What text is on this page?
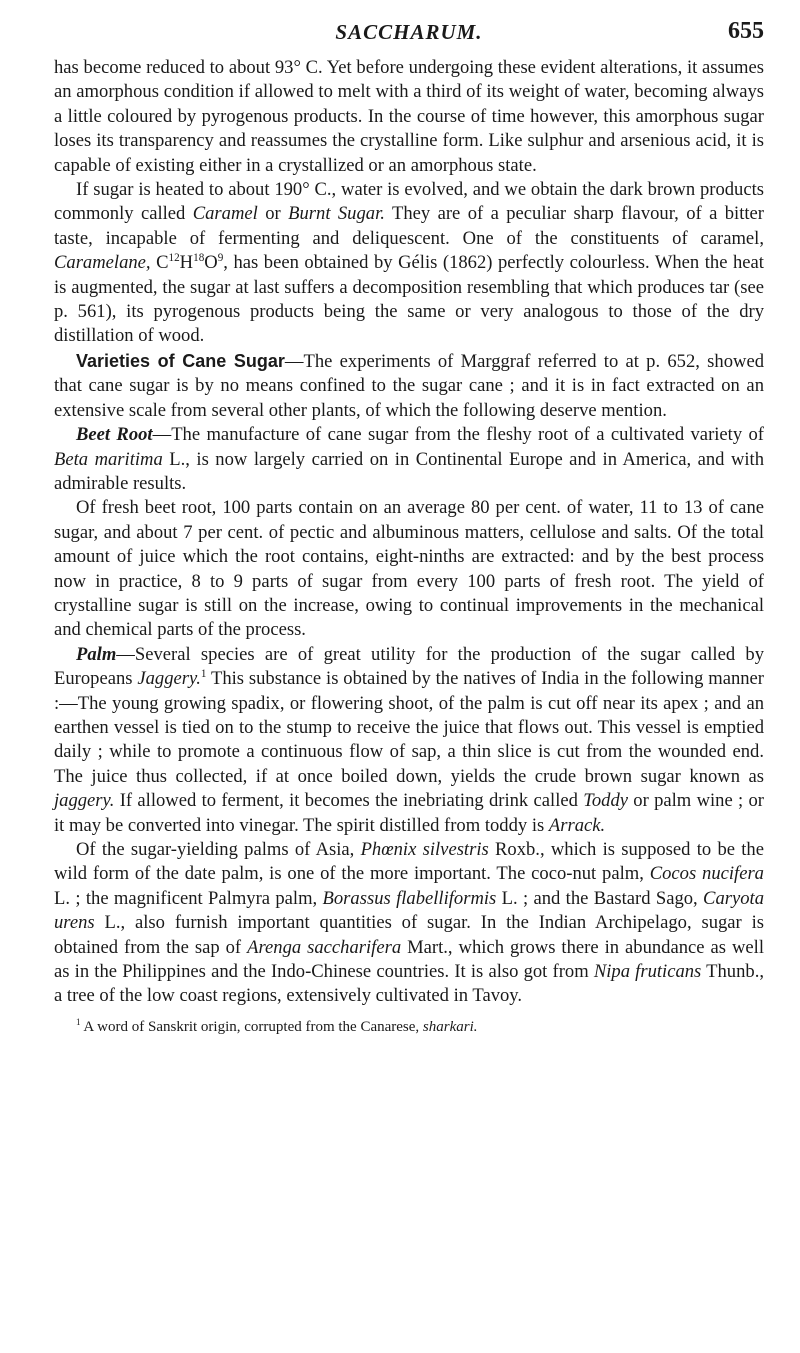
SACCHARUM.	655

has become reduced to about 93° C. Yet before undergoing these evident alterations, it assumes an amorphous condition if allowed to melt with a third of its weight of water, becoming always a little coloured by pyrogenous products. In the course of time however, this amorphous sugar loses its transparency and reassumes the crystalline form. Like sulphur and arsenious acid, it is capable of existing either in a crystallized or an amorphous state.

If sugar is heated to about 190° C., water is evolved, and we obtain the dark brown products commonly called Caramel or Burnt Sugar. They are of a peculiar sharp flavour, of a bitter taste, incapable of fermenting and deliquescent. One of the constituents of caramel, Caramelane, $C^{12}H^{18}O^9$, has been obtained by Gélis (1862) perfectly colourless. When the heat is augmented, the sugar at last suffers a decomposition resembling that which produces tar (see p. 561), its pyrogenous products being the same or very analogous to those of the dry distillation of wood.

Varieties of Cane Sugar—The experiments of Marggraf referred to at p. 652, showed that cane sugar is by no means confined to the sugar cane ; and it is in fact extracted on an extensive scale from several other plants, of which the following deserve mention.

Beet Root—The manufacture of cane sugar from the fleshy root of a cultivated variety of Beta maritima L., is now largely carried on in Continental Europe and in America, and with admirable results.

Of fresh beet root, 100 parts contain on an average 80 per cent. of water, 11 to 13 of cane sugar, and about 7 per cent. of pectic and albuminous matters, cellulose and salts. Of the total amount of juice which the root contains, eight-ninths are extracted: and by the best process now in practice, 8 to 9 parts of sugar from every 100 parts of fresh root. The yield of crystalline sugar is still on the increase, owing to continual improvements in the mechanical and chemical parts of the process.

Palm—Several species are of great utility for the production of the sugar called by Europeans Jaggery.$^1$ This substance is obtained by the natives of India in the following manner :—The young growing spadix, or flowering shoot, of the palm is cut off near its apex ; and an earthen vessel is tied on to the stump to receive the juice that flows out. This vessel is emptied daily ; while to promote a continuous flow of sap, a thin slice is cut from the wounded end. The juice thus collected, if at once boiled down, yields the crude brown sugar known as jaggery. If allowed to ferment, it becomes the inebriating drink called Toddy or palm wine ; or it may be converted into vinegar. The spirit distilled from toddy is Arrack.

Of the sugar-yielding palms of Asia, Phœnix silvestris Roxb., which is supposed to be the wild form of the date palm, is one of the more important. The coco-nut palm, Cocos nucifera L. ; the magnificent Palmyra palm, Borassus flabelliformis L. ; and the Bastard Sago, Caryota urens L., also furnish important quantities of sugar. In the Indian Archipelago, sugar is obtained from the sap of Arenga saccharifera Mart., which grows there in abundance as well as in the Philippines and the Indo-Chinese countries. It is also got from Nipa fruticans Thunb., a tree of the low coast regions, extensively cultivated in Tavoy.

$^1$ A word of Sanskrit origin, corrupted from the Canarese, sharkari.
